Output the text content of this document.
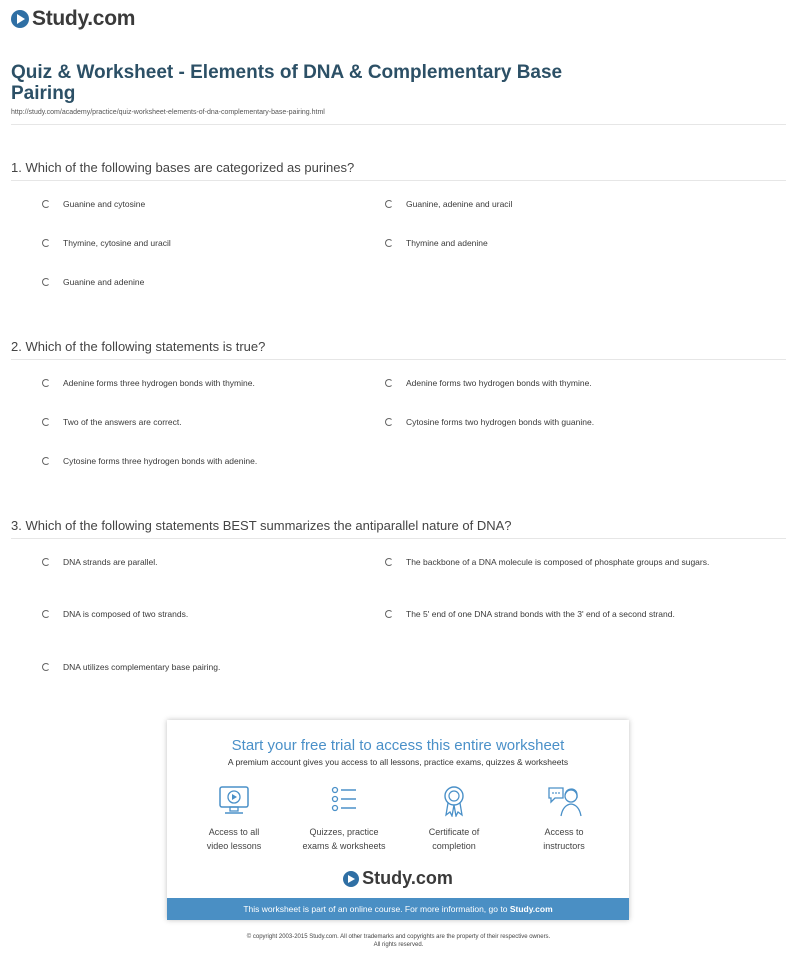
Study.com
Quiz & Worksheet - Elements of DNA & Complementary Base Pairing
http://study.com/academy/practice/quiz-worksheet-elements-of-dna-complementary-base-pairing.html
1. Which of the following bases are categorized as purines?
Guanine and cytosine	Guanine, adenine and uracil
Thymine, cytosine and uracil	Thymine and adenine
Guanine and adenine
2. Which of the following statements is true?
Adenine forms three hydrogen bonds with thymine.	Adenine forms two hydrogen bonds with thymine.
Two of the answers are correct.	Cytosine forms two hydrogen bonds with guanine.
Cytosine forms three hydrogen bonds with adenine.
3. Which of the following statements BEST summarizes the antiparallel nature of DNA?
DNA strands are parallel.	The backbone of a DNA molecule is composed of phosphate groups and sugars.
DNA is composed of two strands.	The 5' end of one DNA strand bonds with the 3' end of a second strand.
DNA utilizes complementary base pairing.
Start your free trial to access this entire worksheet
A premium account gives you access to all lessons, practice exams, quizzes & worksheets
Access to all
video lessons
Quizzes, practice
exams & worksheets
Certificate of
completion
Access to
instructors
Study.com
This worksheet is part of an online course. For more information, go to Study.com
© copyright 2003-2015 Study.com. All other trademarks and copyrights are the property of their respective owners.
All rights reserved.
